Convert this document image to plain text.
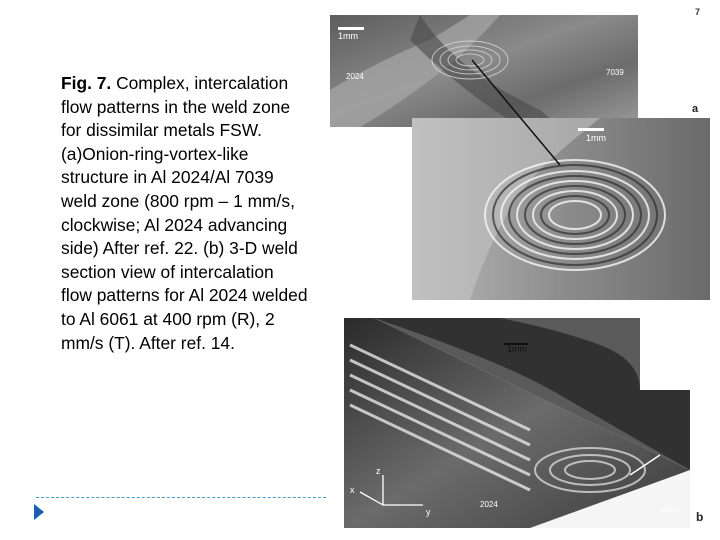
Fig. 7. Complex, intercalation flow patterns in the weld zone for dissimilar metals FSW. (a)Onion-ring-vortex-like structure in Al 2024/Al 7039 weld zone (800 rpm – 1 mm/s, clockwise; Al 2024 advancing side) After ref. 22. (b) 3-D weld section view of intercalation flow patterns for Al 2024 welded to Al 6061 at 400 rpm (R), 2 mm/s (T). After ref. 14.
1mm
2024	7039
1mm
1mm
2024
6061
z
x
y
7
a
b
